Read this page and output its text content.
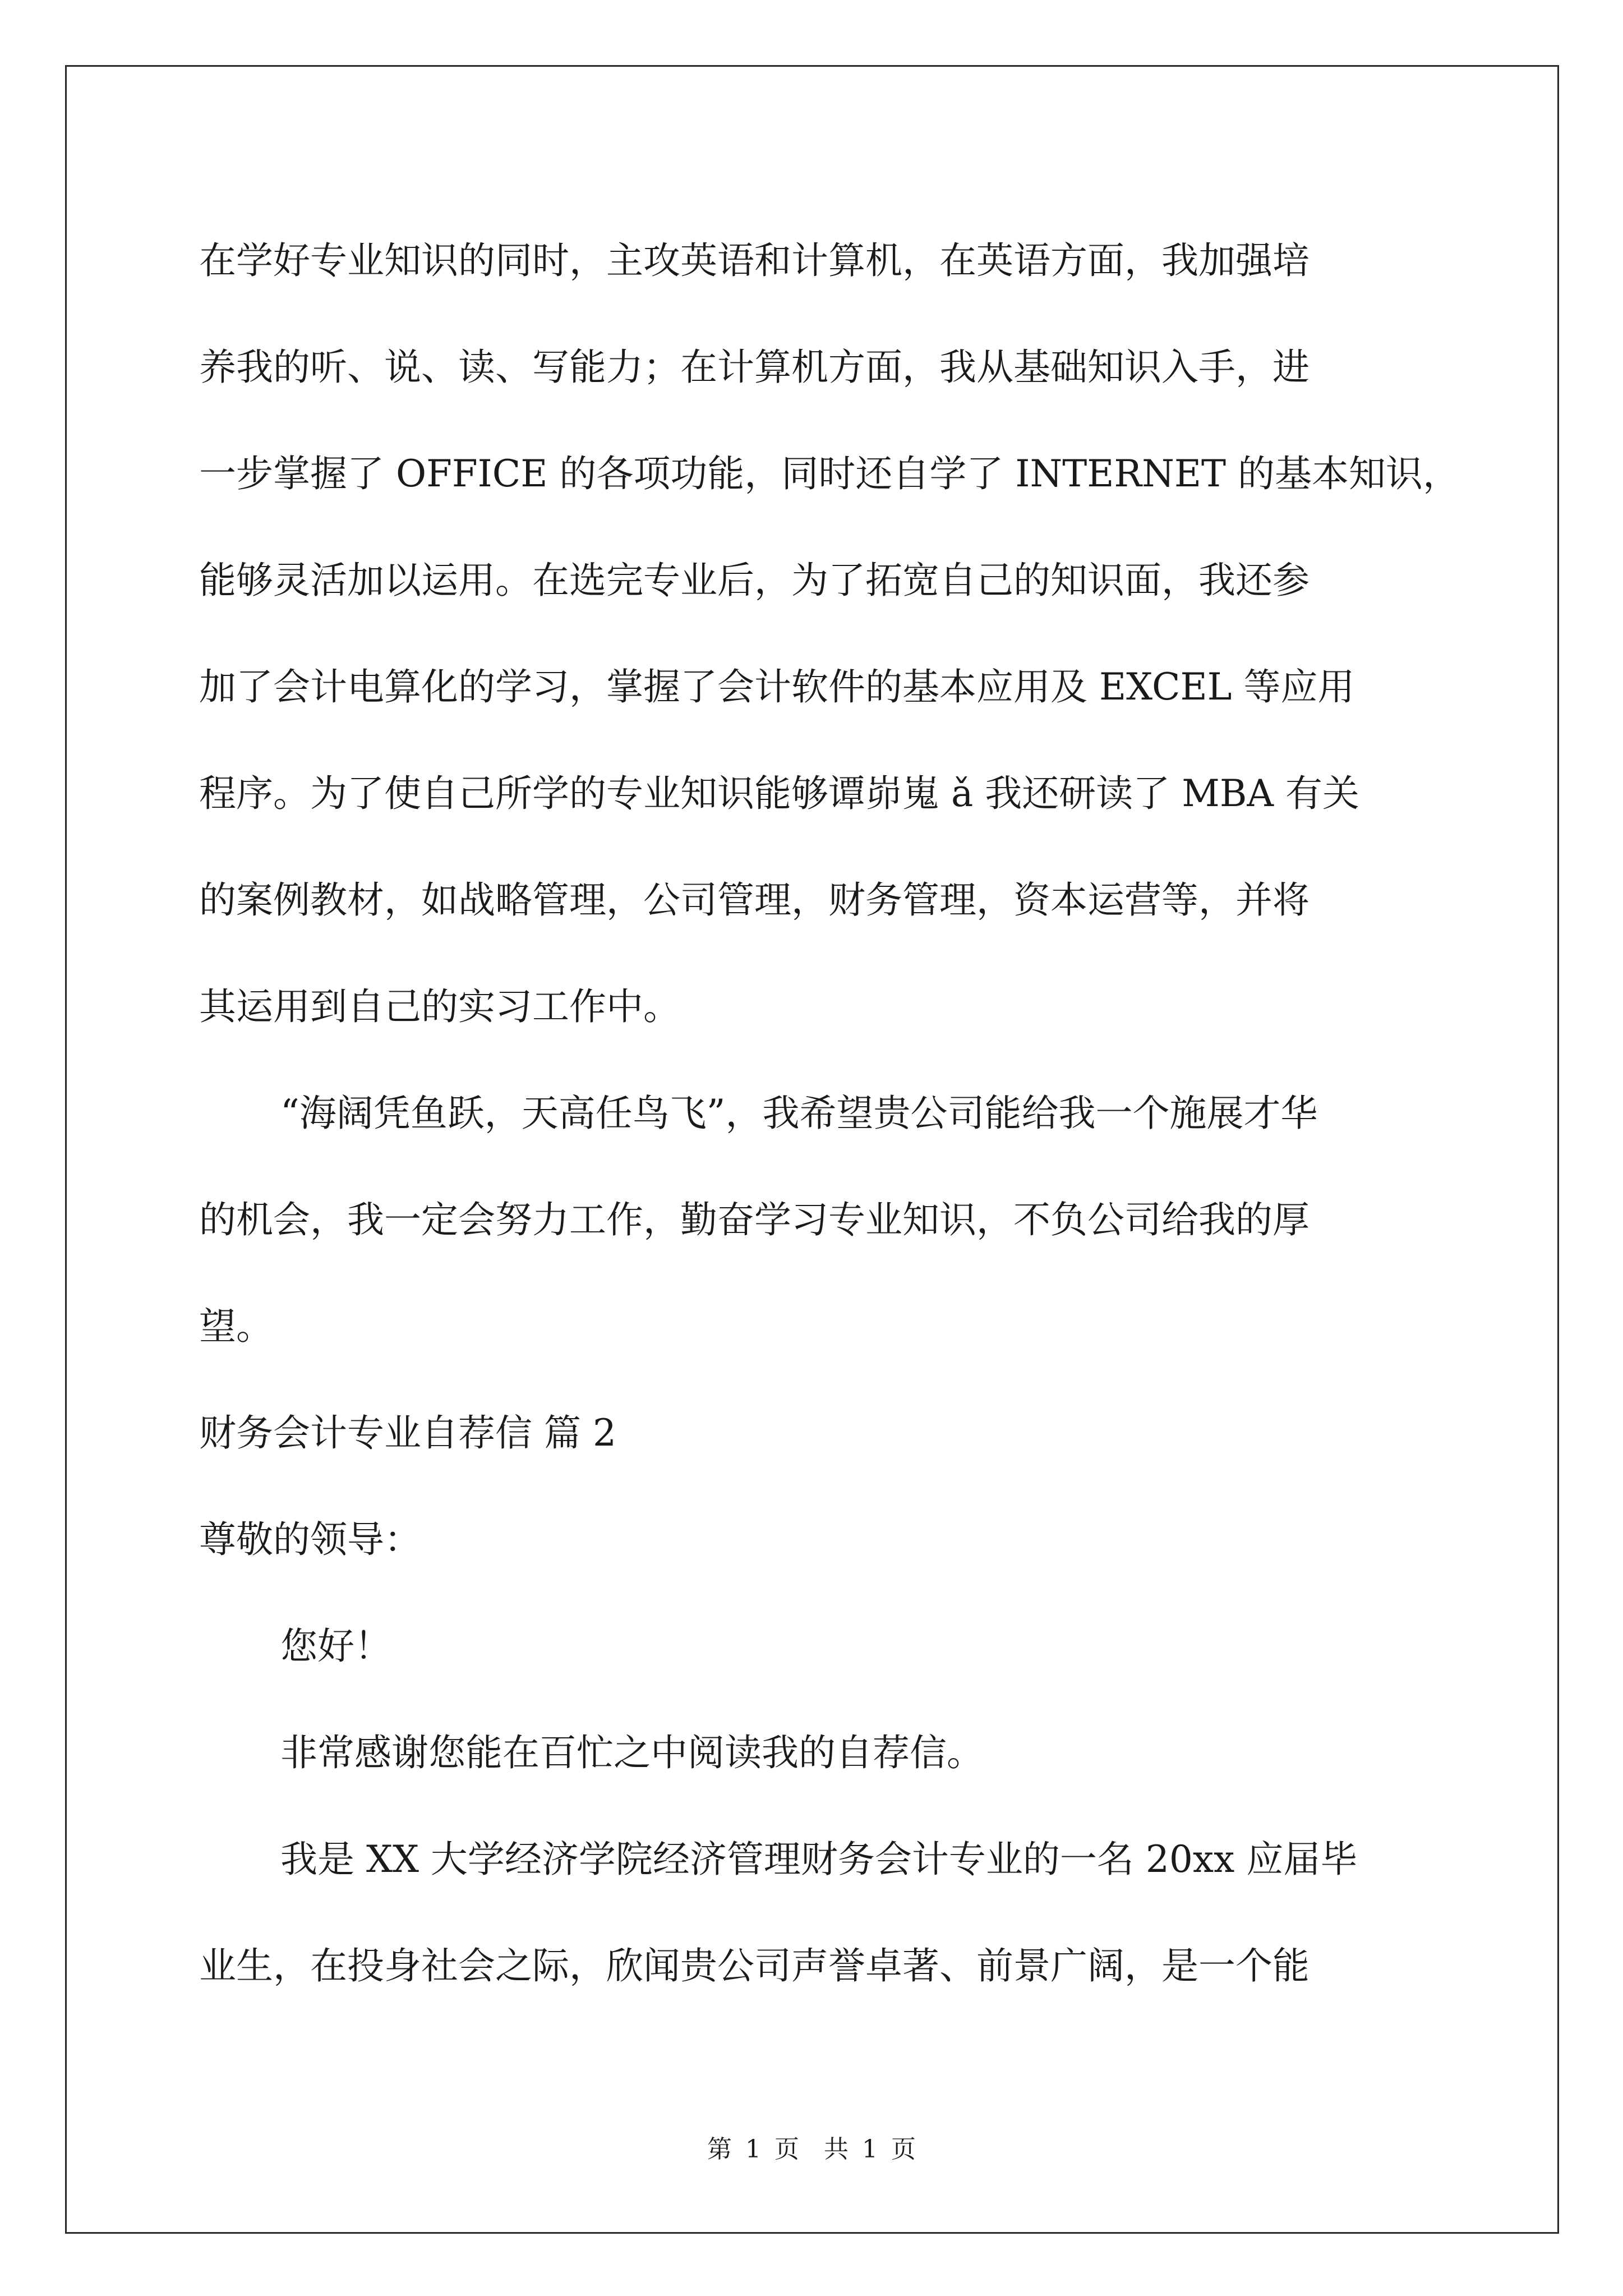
在学好专业知识的同时，主攻英语和计算机，在英语方面，我加强培
养我的听、说、读、写能力；在计算机方面，我从基础知识入手，进
一步掌握了 OFFICE 的各项功能，同时还自学了 INTERNET 的基本知识，
能够灵活加以运用。在选完专业后，为了拓宽自己的知识面，我还参
加了会计电算化的学习，掌握了会计软件的基本应用及 EXCEL 等应用
程序。为了使自己所学的专业知识能够谭峁嵬 ǎ 我还研读了 MBA 有关
的案例教材，如战略管理，公司管理，财务管理，资本运营等，并将
其运用到自己的实习工作中。
“海阔凭鱼跃，天高任鸟飞”，我希望贵公司能给我一个施展才华
的机会，我一定会努力工作，勤奋学习专业知识，不负公司给我的厚
望。
财务会计专业自荐信 篇 2
尊敬的领导：
您好！
非常感谢您能在百忙之中阅读我的自荐信。
我是 XX 大学经济学院经济管理财务会计专业的一名 20xx 应届毕
业生，在投身社会之际，欣闻贵公司声誉卓著、前景广阔，是一个能
第 1 页　共 1 页
